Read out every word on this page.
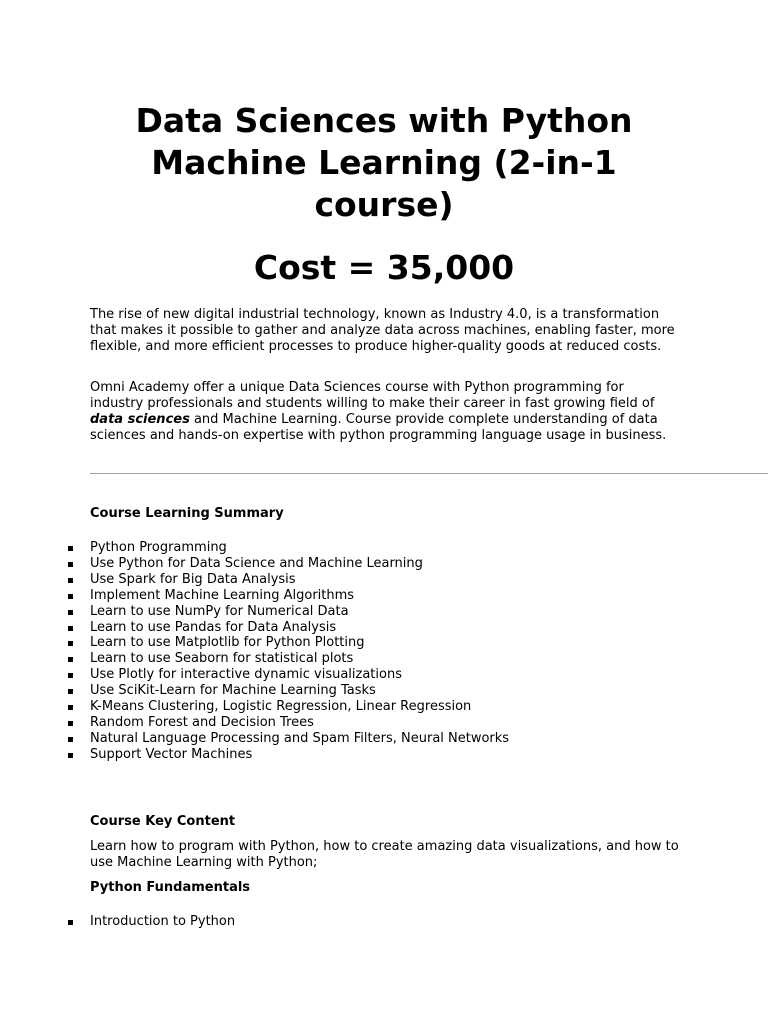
Data Sciences with Python
Machine Learning (2-in-1
course)
Cost = 35,000

The rise of new digital industrial technology, known as Industry 4.0, is a transformation that makes it possible to gather and analyze data across machines, enabling faster, more flexible, and more efficient processes to produce higher-quality goods at reduced costs.

Omni Academy offer a unique Data Sciences course with Python programming for industry professionals and students willing to make their career in fast growing field of data sciences and Machine Learning. Course provide complete understanding of data sciences and hands-on expertise with python programming language usage in business.

Course Learning Summary
Python Programming
Use Python for Data Science and Machine Learning
Use Spark for Big Data Analysis
Implement Machine Learning Algorithms
Learn to use NumPy for Numerical Data
Learn to use Pandas for Data Analysis
Learn to use Matplotlib for Python Plotting
Learn to use Seaborn for statistical plots
Use Plotly for interactive dynamic visualizations
Use SciKit-Learn for Machine Learning Tasks
K-Means Clustering, Logistic Regression, Linear Regression
Random Forest and Decision Trees
Natural Language Processing and Spam Filters, Neural Networks
Support Vector Machines
Course Key Content

Learn how to program with Python, how to create amazing data visualizations, and how to use Machine Learning with Python;

Python Fundamentals
Introduction to Python
